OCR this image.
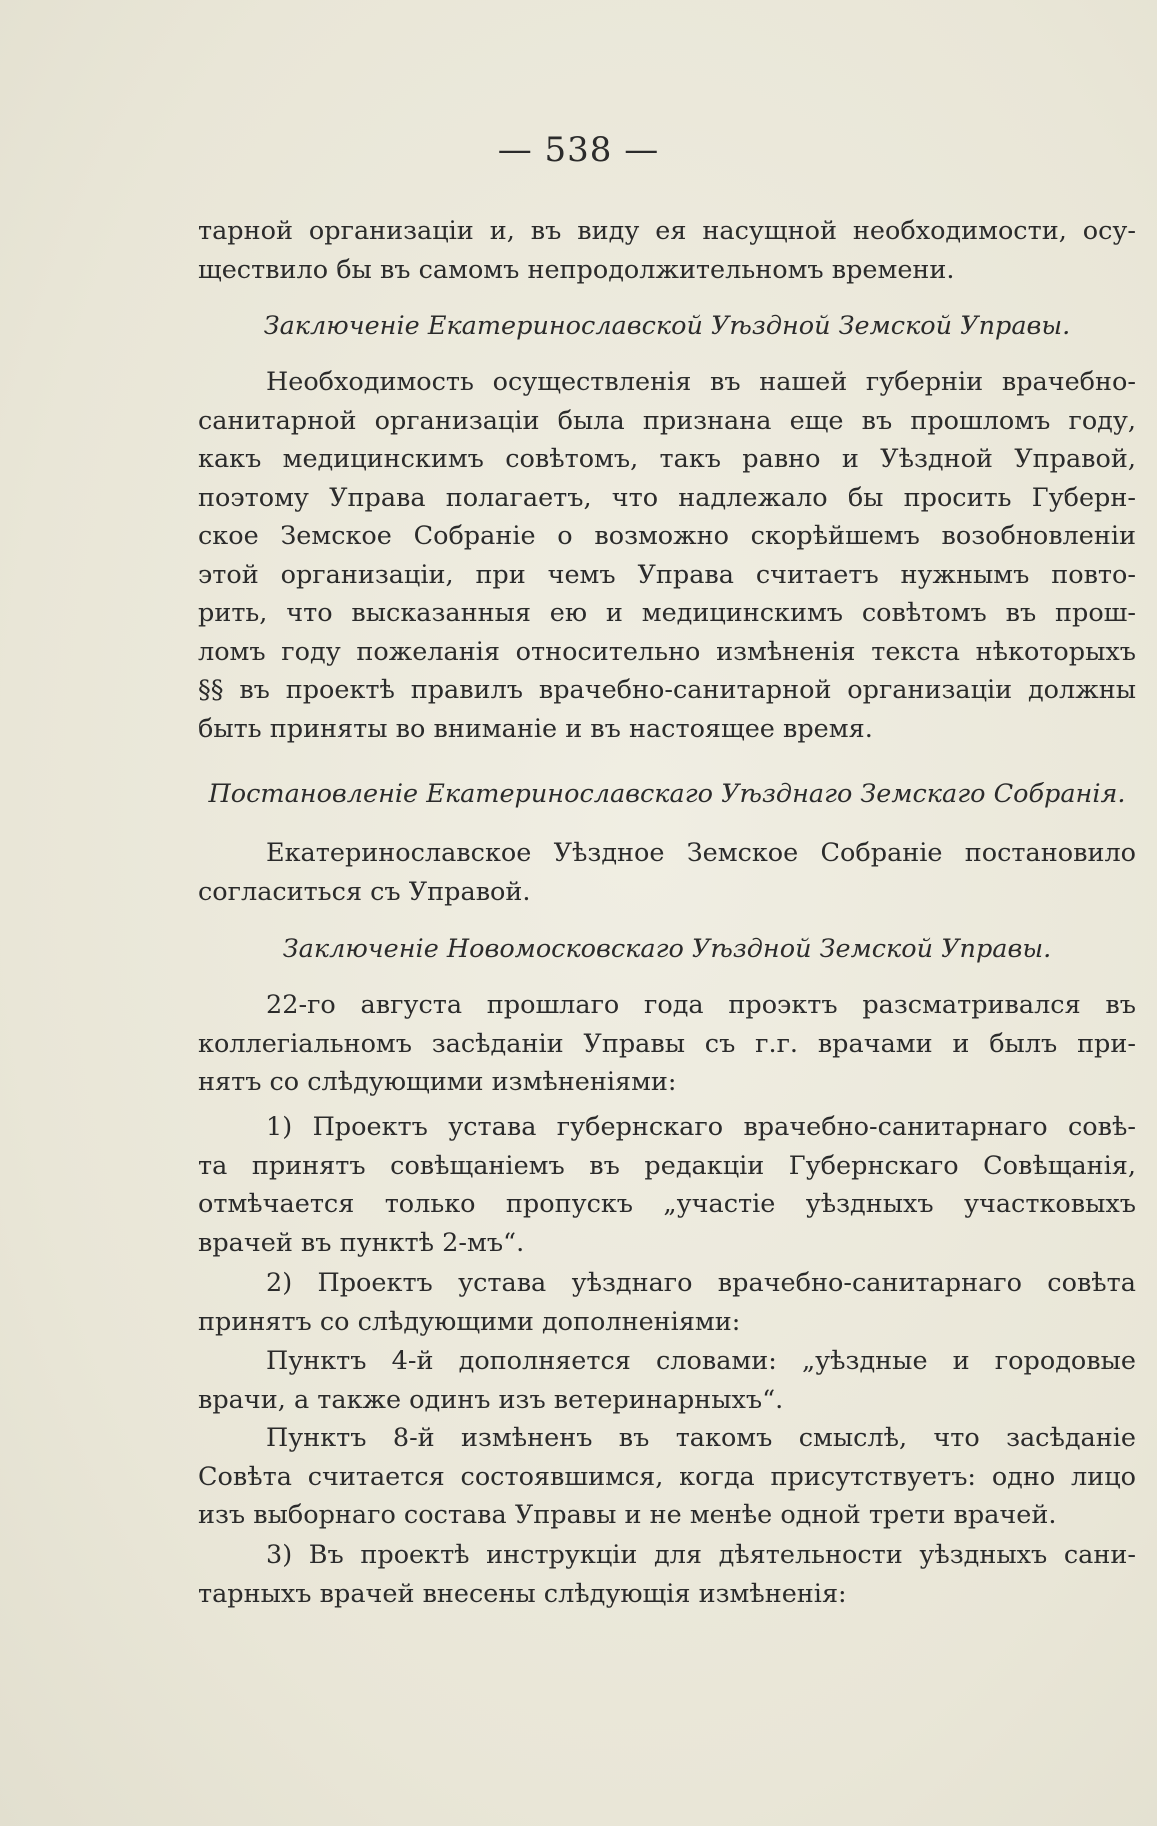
— 538 —

тарной организаціи и, въ виду ея насущной необходимости, осу-

ществило бы въ самомъ непродолжительномъ времени.

Заключеніе Екатеринославской Уѣздной Земской Управы.

Необходимость осуществленія въ нашей губерніи врачебно-

санитарной организаціи была признана еще въ прошломъ году,

какъ медицинскимъ совѣтомъ, такъ равно и Уѣздной Управой,

поэтому Управа полагаетъ, что надлежало бы просить Губерн-

ское Земское Собраніе о возможно скорѣйшемъ возобновленіи

этой организаціи, при чемъ Управа считаетъ нужнымъ повто-

рить, что высказанныя ею и медицинскимъ совѣтомъ въ прош-

ломъ году пожеланія относительно измѣненія текста нѣкоторыхъ

§§ въ проектѣ правилъ врачебно-санитарной организаціи должны

быть приняты во вниманіе и въ настоящее время.

Постановленіе Екатеринославскаго Уѣзднаго Земскаго Собранія.

Екатеринославское Уѣздное Земское Собраніе постановило

согласиться съ Управой.

Заключеніе Новомосковскаго Уѣздной Земской Управы.

22-го августа прошлаго года проэктъ разсматривался въ

коллегіальномъ засѣданіи Управы съ г.г. врачами и былъ при-

нятъ со слѣдующими измѣненіями:

1) Проектъ устава губернскаго врачебно-санитарнаго совѣ-

та принятъ совѣщаніемъ въ редакціи Губернскаго Совѣщанія,

отмѣчается только пропускъ „участіе уѣздныхъ участковыхъ

врачей въ пунктѣ 2-мъ“.

2) Проектъ устава уѣзднаго врачебно-санитарнаго совѣта

принятъ со слѣдующими дополненіями:

Пунктъ 4-й дополняется словами: „уѣздные и городовые

врачи, а также одинъ изъ ветеринарныхъ“.

Пунктъ 8-й измѣненъ въ такомъ смыслѣ, что засѣданіе

Совѣта считается состоявшимся, когда присутствуетъ: одно лицо

изъ выборнаго состава Управы и не менѣе одной трети врачей.

3) Въ проектѣ инструкціи для дѣятельности уѣздныхъ сани-

тарныхъ врачей внесены слѣдующія измѣненія:
